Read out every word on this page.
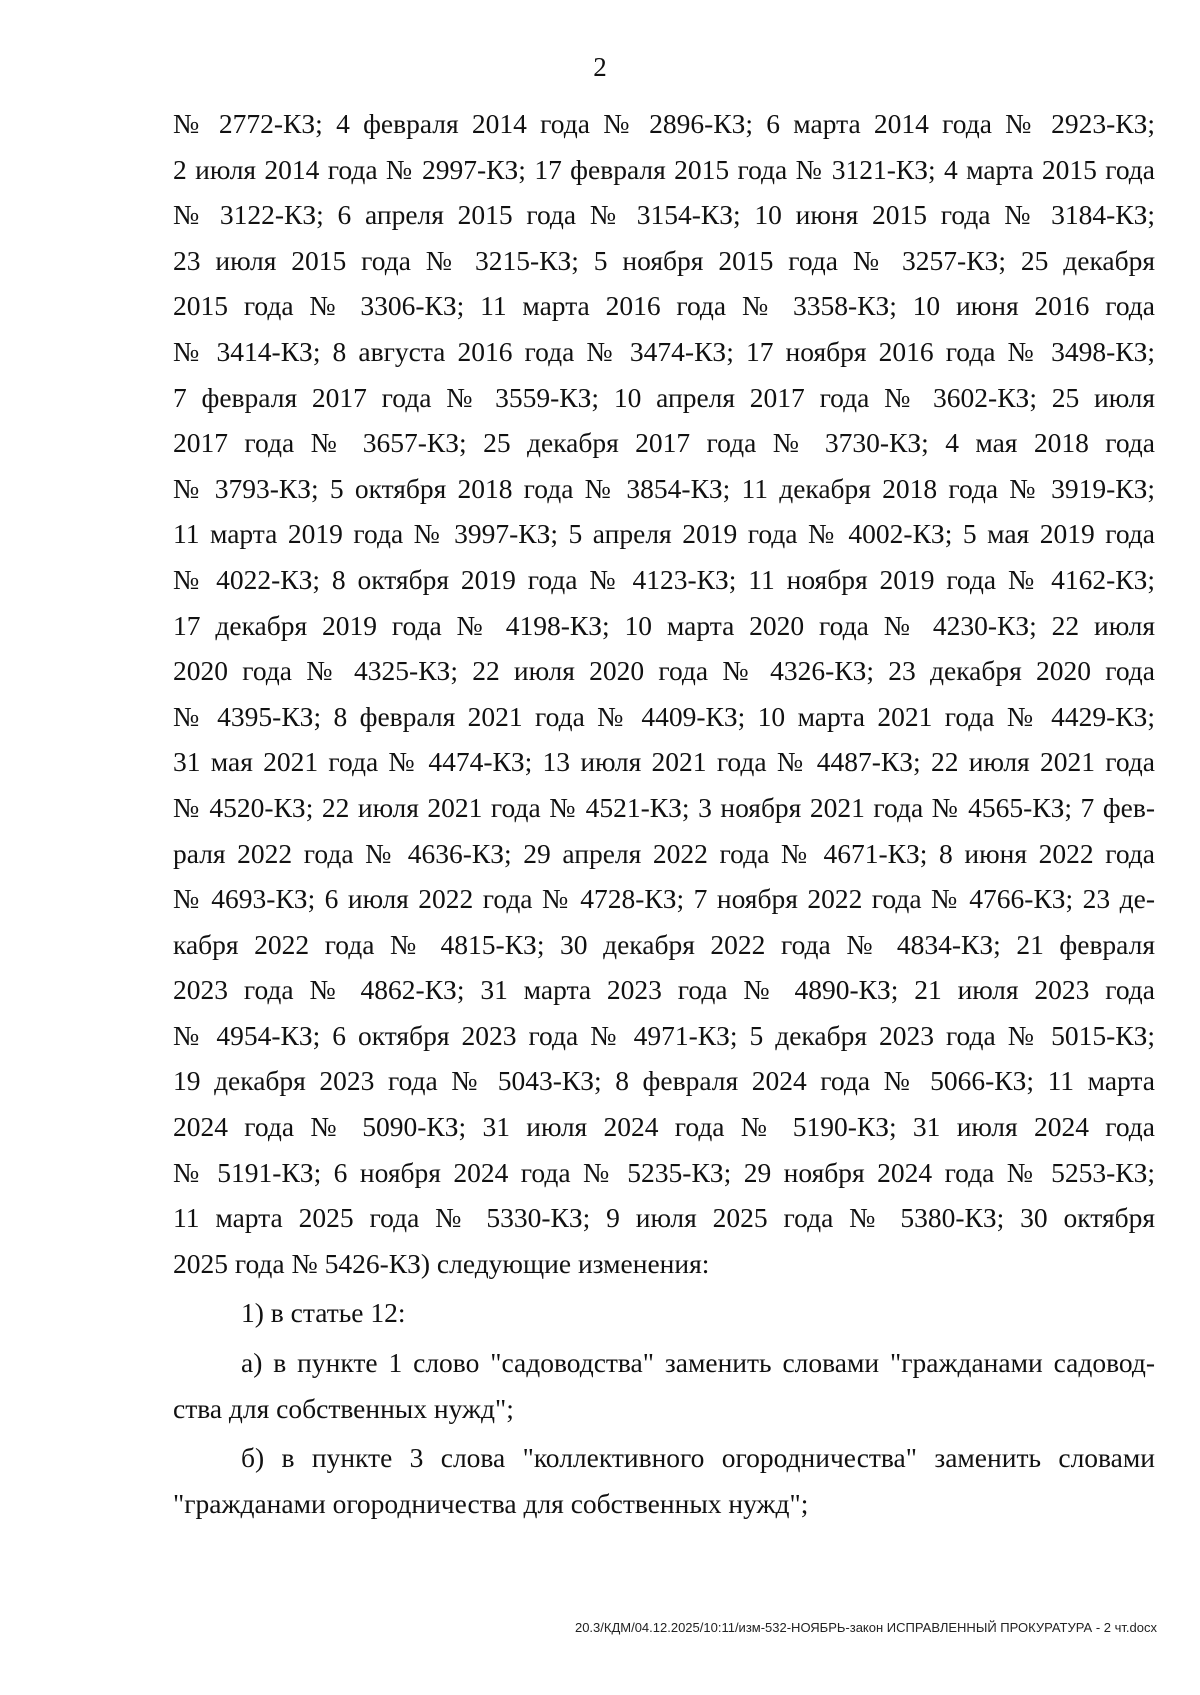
2
№ 2772-КЗ; 4 февраля 2014 года № 2896-КЗ; 6 марта 2014 года № 2923-КЗ;
2 июля 2014 года № 2997-КЗ; 17 февраля 2015 года № 3121-КЗ; 4 марта 2015 года
№ 3122-КЗ; 6 апреля 2015 года № 3154-КЗ; 10 июня 2015 года № 3184-КЗ;
23 июля 2015 года № 3215-КЗ; 5 ноября 2015 года № 3257-КЗ; 25 декабря
2015 года № 3306-КЗ; 11 марта 2016 года № 3358-КЗ; 10 июня 2016 года
№ 3414-КЗ; 8 августа 2016 года № 3474-КЗ; 17 ноября 2016 года № 3498-КЗ;
7 февраля 2017 года № 3559-КЗ; 10 апреля 2017 года № 3602-КЗ; 25 июля
2017 года № 3657-КЗ; 25 декабря 2017 года № 3730-КЗ; 4 мая 2018 года
№ 3793-КЗ; 5 октября 2018 года № 3854-КЗ; 11 декабря 2018 года № 3919-КЗ;
11 марта 2019 года № 3997-КЗ; 5 апреля 2019 года № 4002-КЗ; 5 мая 2019 года
№ 4022-КЗ; 8 октября 2019 года № 4123-КЗ; 11 ноября 2019 года № 4162-КЗ;
17 декабря 2019 года № 4198-КЗ; 10 марта 2020 года № 4230-КЗ; 22 июля
2020 года № 4325-КЗ; 22 июля 2020 года № 4326-КЗ; 23 декабря 2020 года
№ 4395-КЗ; 8 февраля 2021 года № 4409-КЗ; 10 марта 2021 года № 4429-КЗ;
31 мая 2021 года № 4474-КЗ; 13 июля 2021 года № 4487-КЗ; 22 июля 2021 года
№ 4520-КЗ; 22 июля 2021 года № 4521-КЗ; 3 ноября 2021 года № 4565-КЗ; 7 фев-
раля 2022 года № 4636-КЗ; 29 апреля 2022 года № 4671-КЗ; 8 июня 2022 года
№ 4693-КЗ; 6 июля 2022 года № 4728-КЗ; 7 ноября 2022 года № 4766-КЗ; 23 де-
кабря 2022 года № 4815-КЗ; 30 декабря 2022 года № 4834-КЗ; 21 февраля
2023 года № 4862-КЗ; 31 марта 2023 года № 4890-КЗ; 21 июля 2023 года
№ 4954-КЗ; 6 октября 2023 года № 4971-КЗ; 5 декабря 2023 года № 5015-КЗ;
19 декабря 2023 года № 5043-КЗ; 8 февраля 2024 года № 5066-КЗ; 11 марта
2024 года № 5090-КЗ; 31 июля 2024 года № 5190-КЗ; 31 июля 2024 года
№ 5191-КЗ; 6 ноября 2024 года № 5235-КЗ; 29 ноября 2024 года № 5253-КЗ;
11 марта 2025 года № 5330-КЗ; 9 июля 2025 года № 5380-КЗ; 30 октября
2025 года № 5426-КЗ) следующие изменения:
1) в статье 12:
а) в пункте 1 слово "садоводства" заменить словами "гражданами садовод-
ства для собственных нужд";
б) в пункте 3 слова "коллективного огородничества" заменить словами
"гражданами огородничества для собственных нужд";
20.3/КДМ/04.12.2025/10:11/изм-532-НОЯБРЬ-закон ИСПРАВЛЕННЫЙ ПРОКУРАТУРА - 2 чт.docx
